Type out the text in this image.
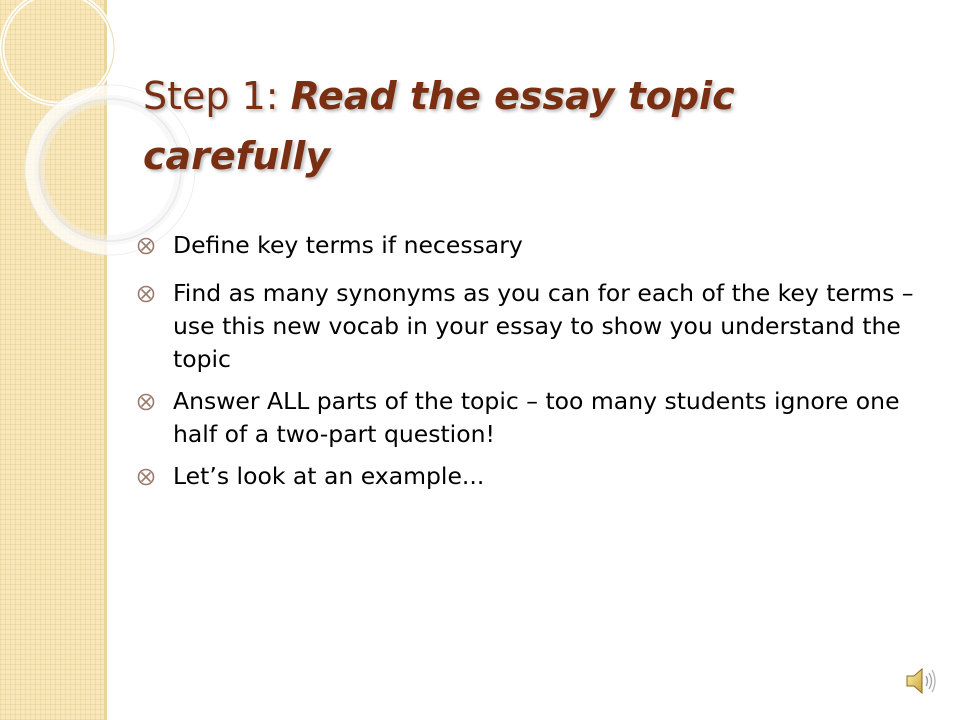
Step 1: Read the essay topic carefully
Define key terms if necessary
Find as many synonyms as you can for each of the key terms – use this new vocab in your essay to show you understand the topic
Answer ALL parts of the topic – too many students ignore one half of a two-part question!
Let’s look at an example...
